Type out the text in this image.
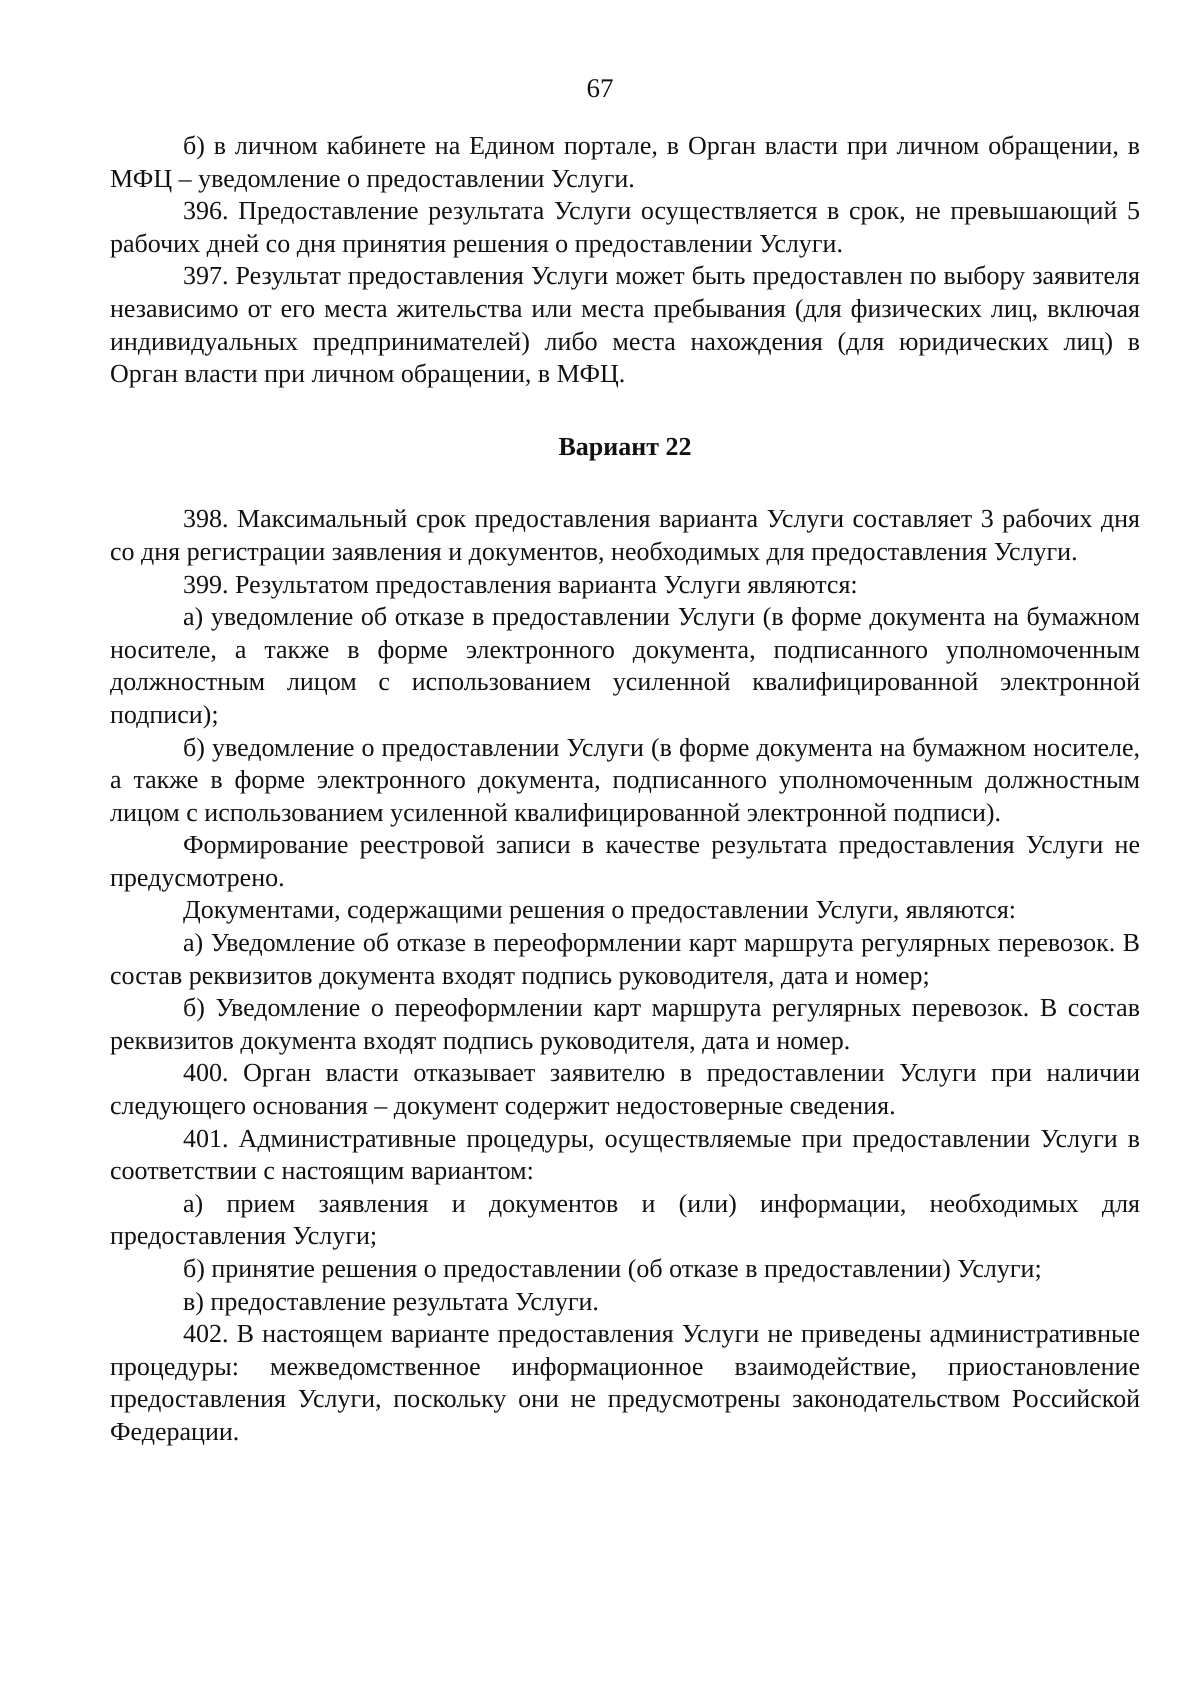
67

б) в личном кабинете на Едином портале, в Орган власти при личном обращении, в МФЦ – уведомление о предоставлении Услуги.

396. Предоставление результата Услуги осуществляется в срок, не превышающий 5 рабочих дней со дня принятия решения о предоставлении Услуги.

397. Результат предоставления Услуги может быть предоставлен по выбору заявителя независимо от его места жительства или места пребывания (для физических лиц, включая индивидуальных предпринимателей) либо места нахождения (для юридических лиц) в Орган власти при личном обращении, в МФЦ.

Вариант 22

398. Максимальный срок предоставления варианта Услуги составляет 3 рабочих дня со дня регистрации заявления и документов, необходимых для предоставления Услуги.

399. Результатом предоставления варианта Услуги являются:

а) уведомление об отказе в предоставлении Услуги (в форме документа на бумажном носителе, а также в форме электронного документа, подписанного уполномоченным должностным лицом с использованием усиленной квалифицированной электронной подписи);

б) уведомление о предоставлении Услуги (в форме документа на бумажном носителе, а также в форме электронного документа, подписанного уполномоченным должностным лицом с использованием усиленной квалифицированной электронной подписи).

Формирование реестровой записи в качестве результата предоставления Услуги не предусмотрено.

Документами, содержащими решения о предоставлении Услуги, являются:

а) Уведомление об отказе в переоформлении карт маршрута регулярных перевозок. В состав реквизитов документа входят подпись руководителя, дата и номер;

б) Уведомление о переоформлении карт маршрута регулярных перевозок. В состав реквизитов документа входят подпись руководителя, дата и номер.

400. Орган власти отказывает заявителю в предоставлении Услуги при наличии следующего основания – документ содержит недостоверные сведения.

401. Административные процедуры, осуществляемые при предоставлении Услуги в соответствии с настоящим вариантом:

а) прием заявления и документов и (или) информации, необходимых для предоставления Услуги;

б) принятие решения о предоставлении (об отказе в предоставлении) Услуги;

в) предоставление результата Услуги.

402. В настоящем варианте предоставления Услуги не приведены административные процедуры: межведомственное информационное взаимодействие, приостановление предоставления Услуги, поскольку они не предусмотрены законодательством Российской Федерации.
